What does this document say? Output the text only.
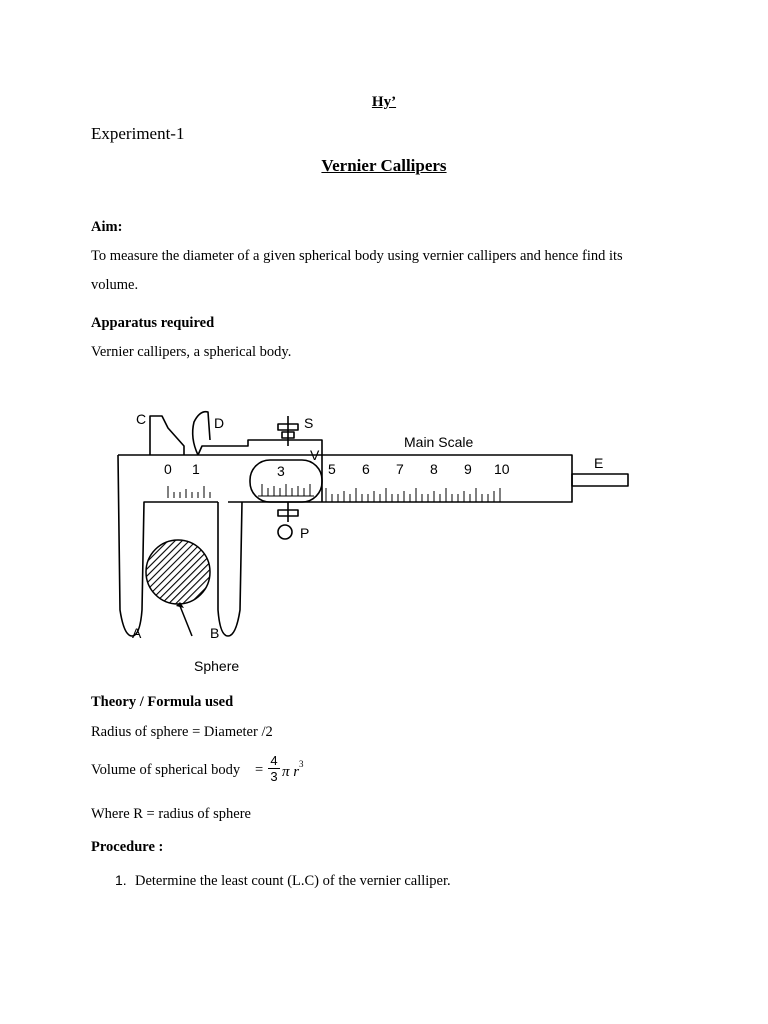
Hy’
Experiment-1
Vernier Callipers
Aim:
To measure the diameter of a given spherical body using vernier callipers and hence find its
volume.
Apparatus required
Vernier callipers, a spherical body.
C	D
A	B
S
V
P
E
Main Scale
Sphere
0 1	3	5 6 7 8 9 10
Theory / Formula used
Radius of sphere = Diameter /2
Volume of spherical body =
4
3 π r 3
Where R = radius of sphere
Procedure :
1. Determine the least count (L.C) of the vernier calliper.
